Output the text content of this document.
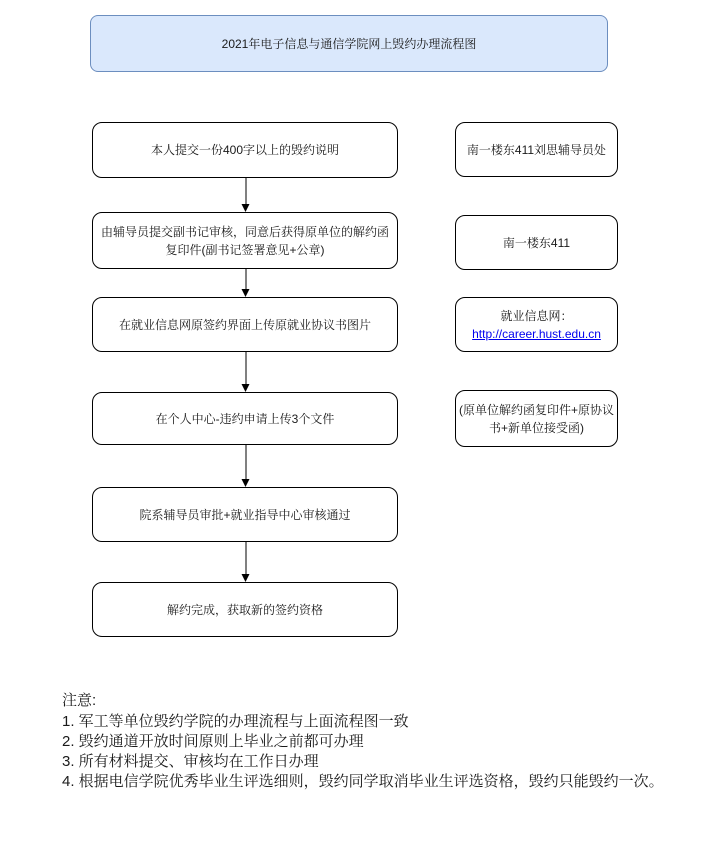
2021年电子信息与通信学院网上毁约办理流程图
本人提交一份400字以上的毁约说明
由辅导员提交副书记审核，同意后获得原单位的解约函复印件(副书记签署意见+公章)
在就业信息网原签约界面上传原就业协议书图片
在个人中心-违约申请上传3个文件
院系辅导员审批+就业指导中心审核通过
解约完成，获取新的签约资格
南一楼东411刘思辅导员处
南一楼东411
就业信息网：
http://career.hust.edu.cn
(原单位解约函复印件+原协议书+新单位接受函)

注意:

1. 军工等单位毁约学院的办理流程与上面流程图一致

2. 毁约通道开放时间原则上毕业之前都可办理

3. 所有材料提交、审核均在工作日办理

4. 根据电信学院优秀毕业生评选细则，毁约同学取消毕业生评选资格，毁约只能毁约一次。
